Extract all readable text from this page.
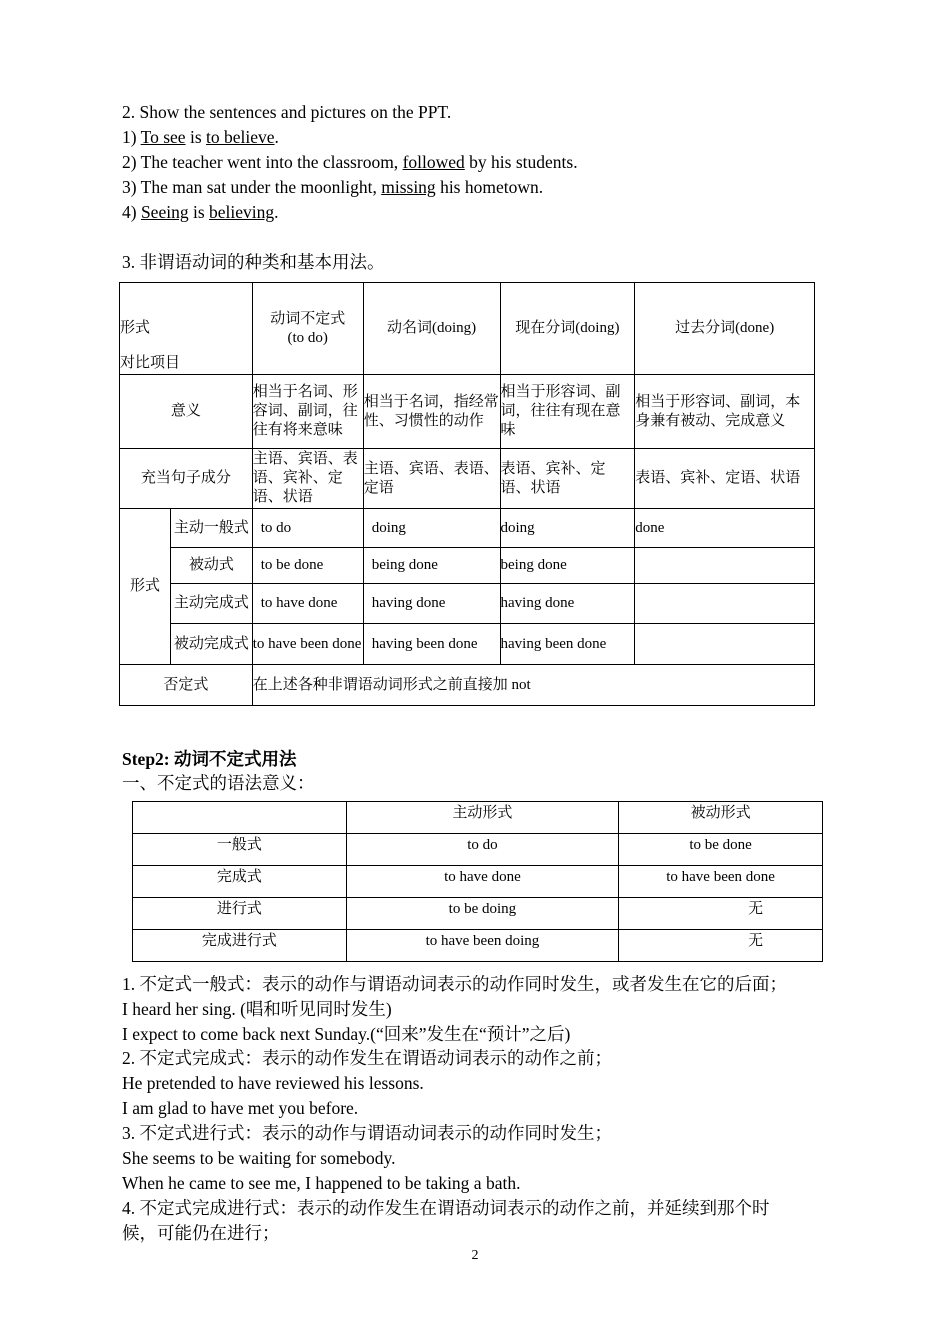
2. Show the sentences and pictures on the PPT.
1) To see is to believe.
2) The teacher went into the classroom, followed by his students.
3) The man sat under the moonlight, missing his hometown.
4) Seeing is believing.
3. 非谓语动词的种类和基本用法。
形式
对比项目		动词不定式(to do)	动名词(doing)	现在分词(doing)	过去分词(done)
意义		相当于名词、形容词、副词，往往有将来意味	相当于名词，指经常性、习惯性的动作	相当于形容词、副词，往往有现在意味	相当于形容词、副词，本身兼有被动、完成意义
充当句子成分		主语、宾语、表语、宾补、定语、状语	主语、宾语、表语、定语	表语、宾补、定语、状语	表语、宾补、定语、状语
形式	主动一般式	to do	doing	doing	done
	被动式	to be done	being done	being done	
	主动完成式	to have done	having done	having done	
	被动完成式	to have been done	having been done	having been done	
否定式		在上述各种非谓语动词形式之前直接加 not			
Step2: 动词不定式用法
一、不定式的语法意义：
	主动形式	被动形式
一般式	to do	to be done
完成式	to have done	to have been done
进行式	to be doing	无
完成进行式	to have been doing	无
1. 不定式一般式：表示的动作与谓语动词表示的动作同时发生，或者发生在它的后面；
I heard her sing. (唱和听见同时发生)
I expect to come back next Sunday.(“回来”发生在“预计”之后)
2. 不定式完成式：表示的动作发生在谓语动词表示的动作之前；
He pretended to have reviewed his lessons.
I am glad to have met you before.
3. 不定式进行式：表示的动作与谓语动词表示的动作同时发生；
She seems to be waiting for somebody.
When he came to see me, I happened to be taking a bath.
4. 不定式完成进行式：表示的动作发生在谓语动词表示的动作之前，并延续到那个时
候，可能仍在进行；
2
